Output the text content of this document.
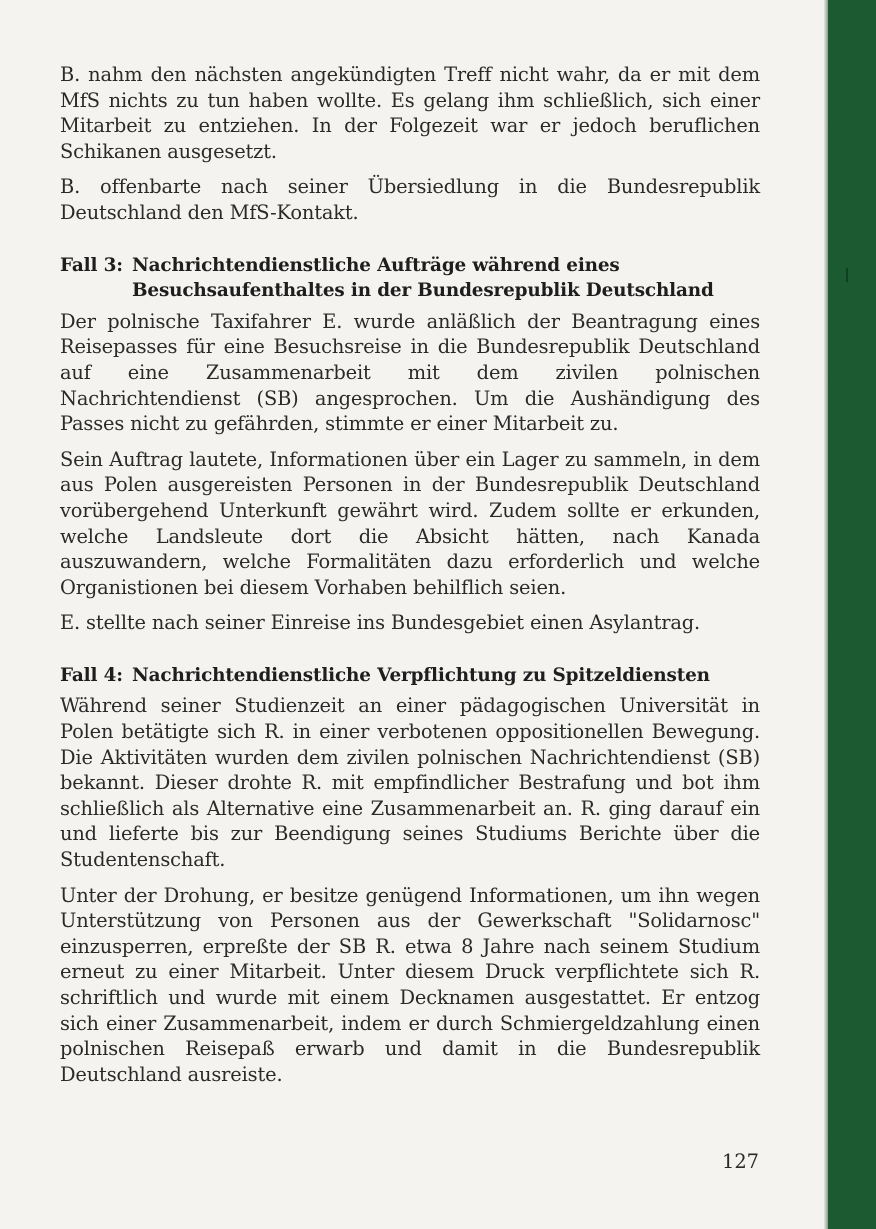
B. nahm den nächsten angekündigten Treff nicht wahr, da er mit dem MfS nichts zu tun haben wollte. Es gelang ihm schließlich, sich einer Mitarbeit zu entziehen. In der Folgezeit war er jedoch beruflichen Schikanen ausgesetzt.

B. offenbarte nach seiner Übersiedlung in die Bundesrepublik Deutschland den MfS-Kontakt.

Fall 3: Nachrichtendienstliche Aufträge während eines Besuchsaufenthaltes in der Bundesrepublik Deutschland

Der polnische Taxifahrer E. wurde anläßlich der Beantragung eines Reisepasses für eine Besuchsreise in die Bundesrepublik Deutschland auf eine Zusammenarbeit mit dem zivilen polnischen Nachrichtendienst (SB) angesprochen. Um die Aushändigung des Passes nicht zu gefährden, stimmte er einer Mitarbeit zu.

Sein Auftrag lautete, Informationen über ein Lager zu sammeln, in dem aus Polen ausgereisten Personen in der Bundesrepublik Deutschland vorübergehend Unterkunft gewährt wird. Zudem sollte er erkunden, welche Landsleute dort die Absicht hätten, nach Kanada auszuwandern, welche Formalitäten dazu erforderlich und welche Organistionen bei diesem Vorhaben behilflich seien.

E. stellte nach seiner Einreise ins Bundesgebiet einen Asylantrag.

Fall 4: Nachrichtendienstliche Verpflichtung zu Spitzeldiensten

Während seiner Studienzeit an einer pädagogischen Universität in Polen betätigte sich R. in einer verbotenen oppositionellen Bewegung. Die Aktivitäten wurden dem zivilen polnischen Nachrichtendienst (SB) bekannt. Dieser drohte R. mit empfindlicher Bestrafung und bot ihm schließlich als Alternative eine Zusammenarbeit an. R. ging darauf ein und lieferte bis zur Beendigung seines Studiums Berichte über die Studentenschaft.

Unter der Drohung, er besitze genügend Informationen, um ihn wegen Unterstützung von Personen aus der Gewerkschaft "Solidarnosc" einzusperren, erpreßte der SB R. etwa 8 Jahre nach seinem Studium erneut zu einer Mitarbeit. Unter diesem Druck verpflichtete sich R. schriftlich und wurde mit einem Decknamen ausgestattet. Er entzog sich einer Zusammenarbeit, indem er durch Schmiergeldzahlung einen polnischen Reisepaß erwarb und damit in die Bundesrepublik Deutschland ausreiste.

127
